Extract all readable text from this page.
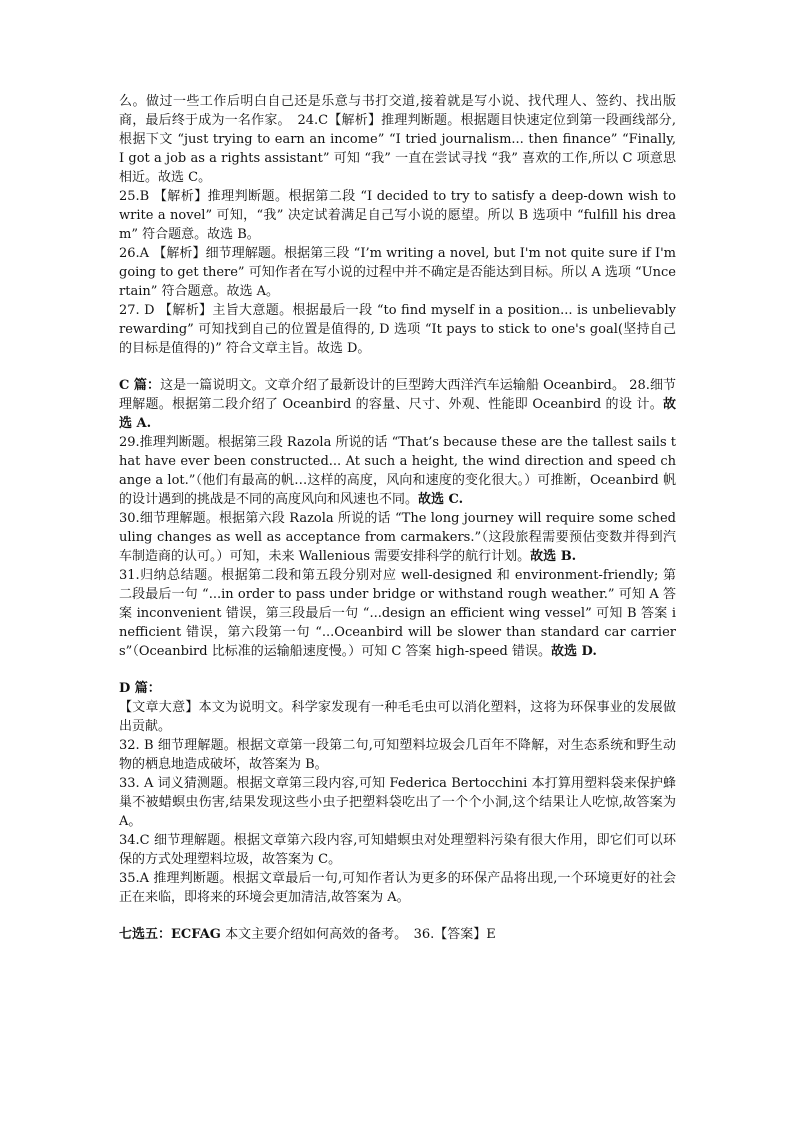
么。做过一些工作后明白自己还是乐意与书打交道,接着就是写小说、找代理人、签约、找出版商，最后终于成为一名作家。　 24.C【解析】推理判断题。根据题目快速定位到第一段画线部分,根据下文 “just trying to earn an income” “I tried journalism... then finance” “Finally, I got a job as a rights assistant” 可知 “我” 一直在尝试寻找 “我” 喜欢的工作,所以 C 项意思相近。故选 C。

25.B 【解析】推理判断题。根据第二段 “I decided to try to satisfy a deep-down wish to write a novel” 可知，“我” 决定试着满足自己写小说的愿望。所以 B 选项中 “fulfill his dream” 符合题意。故选 B。

26.A 【解析】细节理解题。根据第三段 “I’m writing a novel, but I'm not quite sure if I'm going to get there” 可知作者在写小说的过程中并不确定是否能达到目标。所以 A 选项 “Uncertain” 符合题意。故选 A。

27. D 【解析】主旨大意题。根据最后一段 “to find myself in a position... is unbelievably rewarding” 可知找到自己的位置是值得的, D 选项 “It pays to stick to one's goal(坚持自己的目标是值得的)” 符合文章主旨。故选 D。

C 篇：这是一篇说明文。文章介绍了最新设计的巨型跨大西洋汽车运输船 Oceanbird。 28.细节理解题。根据第二段介绍了 Oceanbird 的容量、尺寸、外观、性能即 Oceanbird 的设 计。故选 A.

29.推理判断题。根据第三段 Razola 所说的话 “That’s because these are the tallest sails that have ever been constructed... At such a height, the wind direction and speed change a lot.”（他们有最高的帆…这样的高度，风向和速度的变化很大。）可推断，Oceanbird 帆的设计遇到的挑战是不同的高度风向和风速也不同。故选 C.

30.细节理解题。根据第六段 Razola 所说的话 “The long journey will require some scheduling changes as well as acceptance from carmakers.”（这段旅程需要预估变数并得到汽车制造商的认可。）可知，未来 Wallenious 需要安排科学的航行计划。故选 B.

31.归纳总结题。根据第二段和第五段分别对应 well-designed 和 environment-friendly; 第二段最后一句 “...in order to pass under bridge or withstand rough weather.” 可知 A 答案 inconvenient 错误，第三段最后一句 “...design an efficient wing vessel” 可知 B 答案 inefficient 错误，第六段第一句 “...Oceanbird will be slower than standard car carriers”（Oceanbird 比标准的运输船速度慢。）可知 C 答案 high-speed 错误。故选 D.

D 篇：

【文章大意】本文为说明文。科学家发现有一种毛毛虫可以消化塑料，这将为环保事业的发展做出贡献。

32. B 细节理解题。根据文章第一段第二句,可知塑料垃圾会几百年不降解，对生态系统和野生动物的栖息地造成破坏，故答案为 B。

33. A 词义猜测题。根据文章第三段内容,可知 Federica Bertocchini 本打算用塑料袋来保护蜂巢不被蜡螟虫伤害,结果发现这些小虫子把塑料袋吃出了一个个小洞,这个结果让人吃惊,故答案为 A。

34.C 细节理解题。根据文章第六段内容,可知蜡螟虫对处理塑料污染有很大作用，即它们可以环保的方式处理塑料垃圾，故答案为 C。

35.A 推理判断题。根据文章最后一句,可知作者认为更多的环保产品将出现,一个环境更好的社会正在来临，即将来的环境会更加清洁,故答案为 A。

七选五：ECFAG 本文主要介绍如何高效的备考。　 36.【答案】E
